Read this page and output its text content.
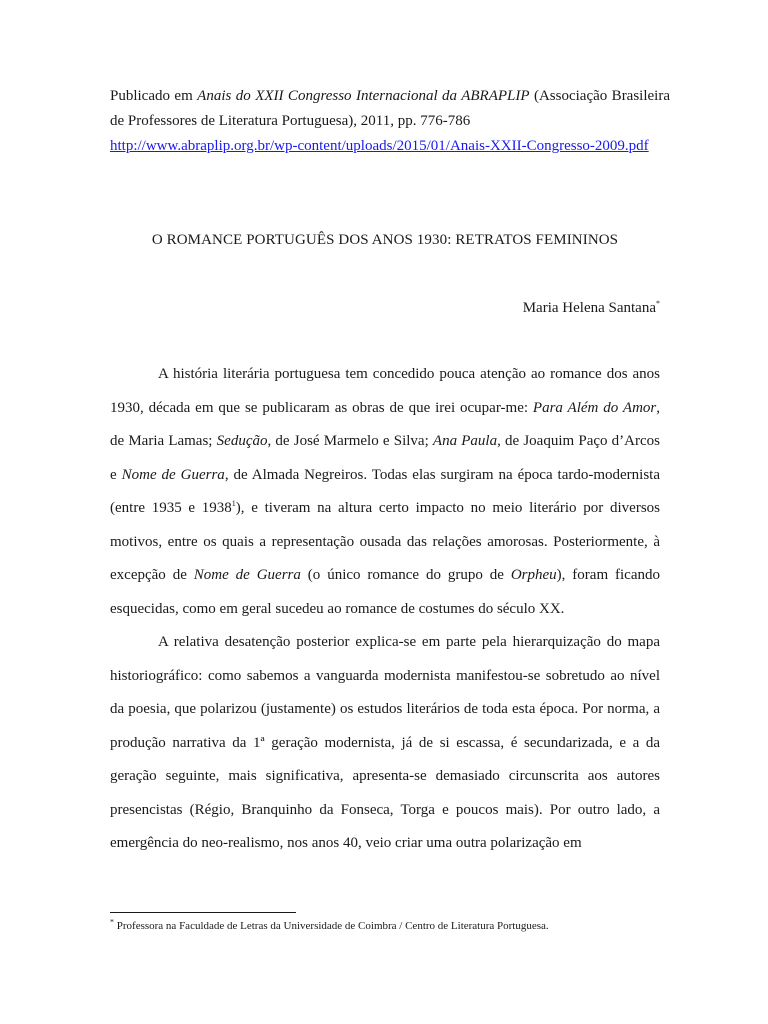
Publicado em Anais do XXII Congresso Internacional da ABRAPLIP (Associação Brasileira de Professores de Literatura Portuguesa), 2011, pp. 776-786
http://www.abraplip.org.br/wp-content/uploads/2015/01/Anais-XXII-Congresso-2009.pdf
O ROMANCE PORTUGUÊS DOS ANOS 1930: RETRATOS FEMININOS
Maria Helena Santana*

A história literária portuguesa tem concedido pouca atenção ao romance dos anos 1930, década em que se publicaram as obras de que irei ocupar-me: Para Além do Amor, de Maria Lamas; Sedução, de José Marmelo e Silva; Ana Paula, de Joaquim Paço d’Arcos e Nome de Guerra, de Almada Negreiros. Todas elas surgiram na época tardo-modernista (entre 1935 e 1938$^1$), e tiveram na altura certo impacto no meio literário por diversos motivos, entre os quais a representação ousada das relações amorosas. Posteriormente, à excepção de Nome de Guerra (o único romance do grupo de Orpheu), foram ficando esquecidas, como em geral sucedeu ao romance de costumes do século XX.

A relativa desatenção posterior explica-se em parte pela hierarquização do mapa historiográfico: como sabemos a vanguarda modernista manifestou-se sobretudo ao nível da poesia, que polarizou (justamente) os estudos literários de toda esta época. Por norma, a produção narrativa da 1ª geração modernista, já de si escassa, é secundarizada, e a da geração seguinte, mais significativa, apresenta-se demasiado circunscrita aos autores presencistas (Régio, Branquinho da Fonseca, Torga e poucos mais). Por outro lado, a emergência do neo-realismo, nos anos 40, veio criar uma outra polarização em

* Professora na Faculdade de Letras da Universidade de Coimbra / Centro de Literatura Portuguesa.
